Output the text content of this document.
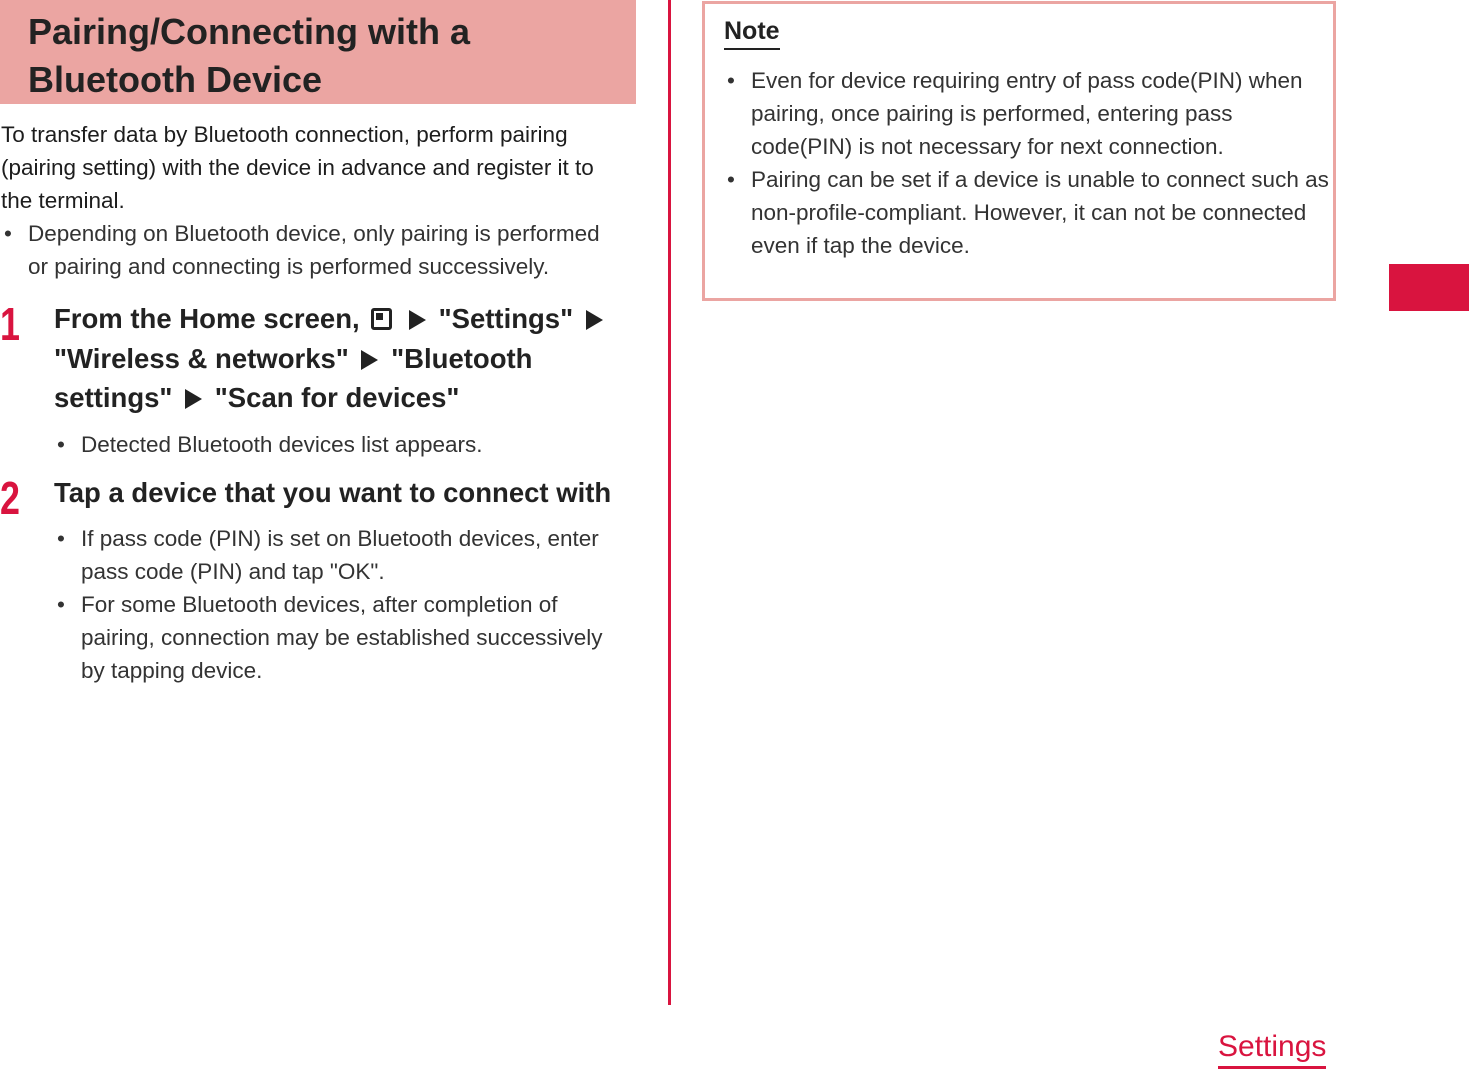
Pairing/Connecting with a
Bluetooth Device
To transfer data by Bluetooth connection, perform pairing (pairing setting) with the device in advance and register it to the terminal.
• Depending on Bluetooth device, only pairing is performed or pairing and connecting is performed successively.
1 From the Home screen,	"Settings"  "Wireless & networks" "Bluetooth settings" "Scan for devices"
• Detected Bluetooth devices list appears.
2 Tap a device that you want to connect with
• If pass code (PIN) is set on Bluetooth devices, enter pass code (PIN) and tap "OK".
• For some Bluetooth devices, after completion of pairing, connection may be established successively by tapping device.
Note
• Even for device requiring entry of pass code(PIN) when pairing, once pairing is performed, entering pass code(PIN) is not necessary for next connection.
• Pairing can be set if a device is unable to connect such as non-profile-compliant. However, it can not be connected even if tap the device.
Settings
